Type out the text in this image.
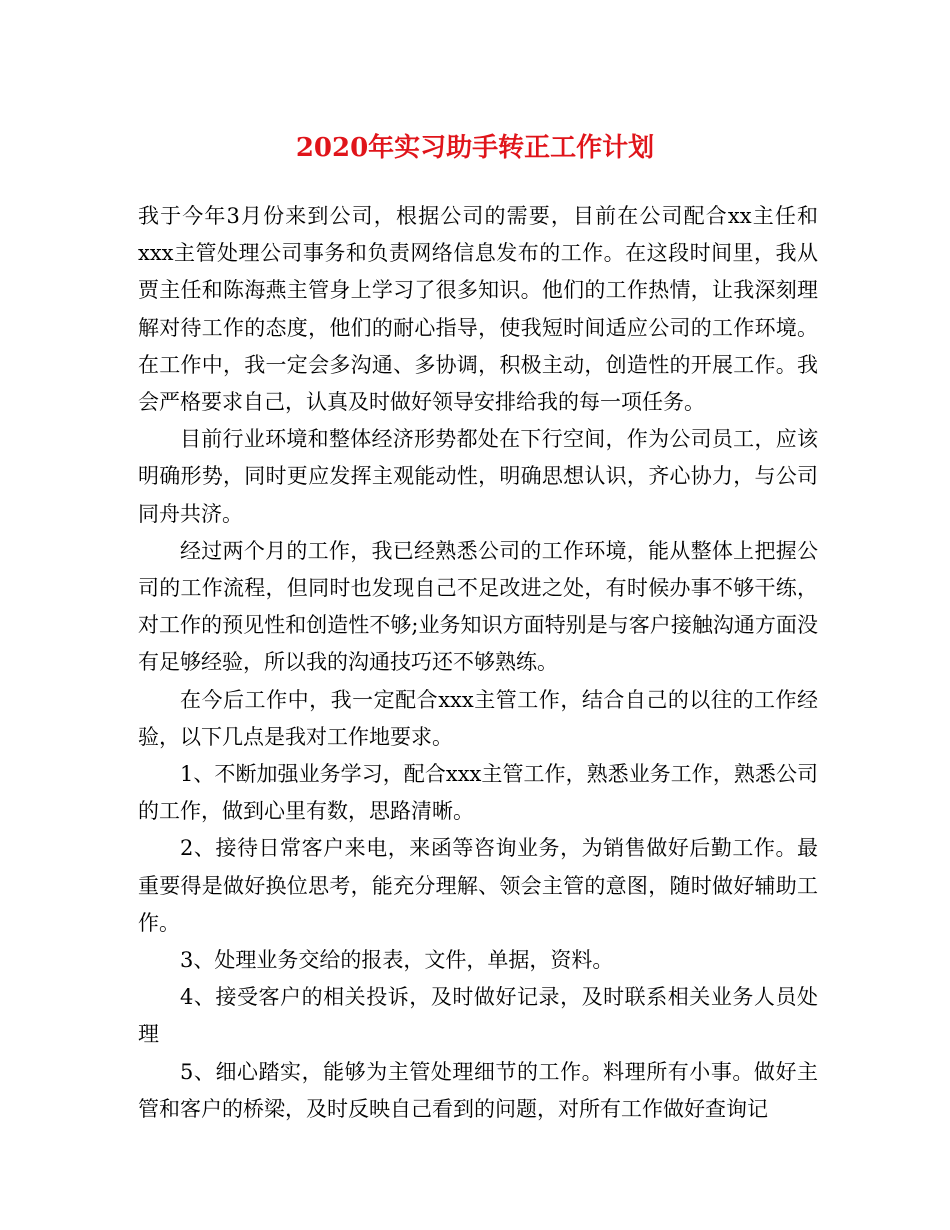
2020年实习助手转正工作计划

我于今年3月份来到公司，根据公司的需要，目前在公司配合xx主任和xxx主管处理公司事务和负责网络信息发布的工作。在这段时间里，我从贾主任和陈海燕主管身上学习了很多知识。他们的工作热情，让我深刻理解对待工作的态度，他们的耐心指导，使我短时间适应公司的工作环境。在工作中，我一定会多沟通、多协调，积极主动，创造性的开展工作。我会严格要求自己，认真及时做好领导安排给我的每一项任务。

目前行业环境和整体经济形势都处在下行空间，作为公司员工，应该明确形势，同时更应发挥主观能动性，明确思想认识，齐心协力，与公司同舟共济。

经过两个月的工作，我已经熟悉公司的工作环境，能从整体上把握公司的工作流程，但同时也发现自己不足改进之处，有时候办事不够干练，对工作的预见性和创造性不够;业务知识方面特别是与客户接触沟通方面没有足够经验，所以我的沟通技巧还不够熟练。

在今后工作中，我一定配合xxx主管工作，结合自己的以往的工作经验，以下几点是我对工作地要求。

1、不断加强业务学习，配合xxx主管工作，熟悉业务工作，熟悉公司的工作，做到心里有数，思路清晰。

2、接待日常客户来电，来函等咨询业务，为销售做好后勤工作。最重要得是做好换位思考，能充分理解、领会主管的意图，随时做好辅助工作。

3、处理业务交给的报表，文件，单据，资料。

4、接受客户的相关投诉，及时做好记录，及时联系相关业务人员处理

5、细心踏实，能够为主管处理细节的工作。料理所有小事。做好主管和客户的桥梁，及时反映自己看到的问题，对所有工作做好查询记
